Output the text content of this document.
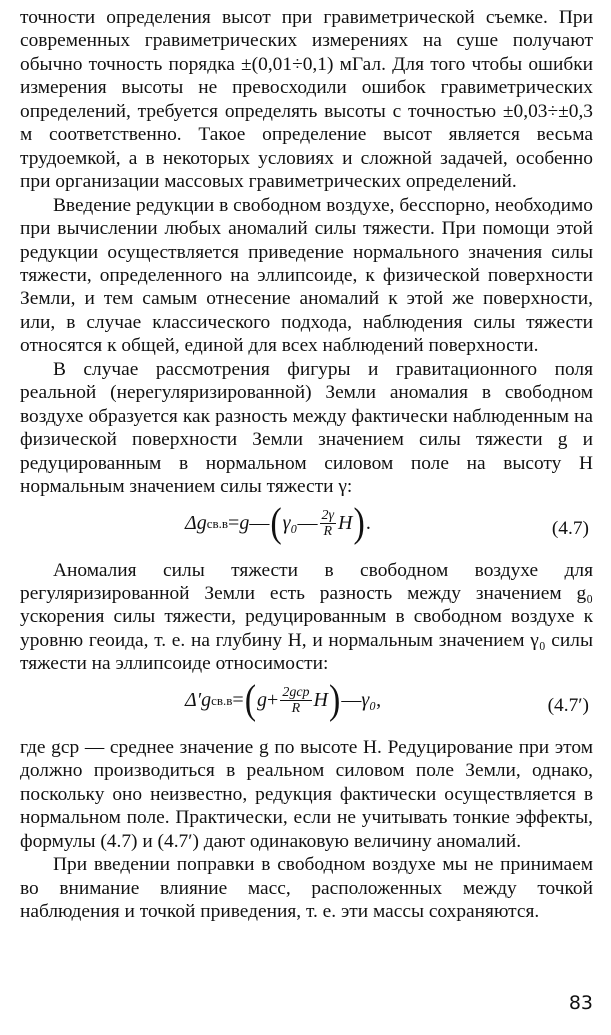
точности определения высот при гравиметрической съемке. При современных гравиметрических измерениях на суше получают обычно точность порядка ±(0,01÷0,1) мГал. Для того чтобы ошибки измерения высоты не превосходили ошибок гравиметрических определений, требуется определять высоты с точностью ±0,03÷±0,3 м соответственно. Такое определение высот является весьма трудоемкой, а в некоторых условиях и сложной задачей, особенно при организации массовых гравиметрических определений.

Введение редукции в свободном воздухе, бесспорно, необходимо при вычислении любых аномалий силы тяжести. При помощи этой редукции осуществляется приведение нормального значения силы тяжести, определенного на эллипсоиде, к физической поверхности Земли, и тем самым отнесение аномалий к этой же поверхности, или, в случае классического подхода, наблюдения силы тяжести относятся к общей, единой для всех наблюдений поверхности.

В случае рассмотрения фигуры и гравитационного поля реальной (нерегуляризированной) Земли аномалия в свободном воздухе образуется как разность между фактически наблюденным на физической поверхности Земли значением силы тяжести g и редуцированным в нормальном силовом поле на высоту H нормальным значением силы тяжести γ:

Δg св.в = g — ( γ₀ — $\frac{2\gamma}{R}$ H ) .	(4.7)

Аномалия силы тяжести в свободном воздухе для регуляризированной Земли есть разность между значением g₀ ускорения силы тяжести, редуцированным в свободном воздухе к уровню геоида, т. е. на глубину H, и нормальным значением γ₀ силы тяжести на эллипсоиде относимости:

Δ′g св.в = ( $g + \frac{\text{2gср}}{R}$ H ) — γ₀ ,	(4.7′)

где gср — среднее значение g по высоте H. Редуцирование при этом должно производиться в реальном силовом поле Земли, однако, поскольку оно неизвестно, редукция фактически осуществляется в нормальном поле. Практически, если не учитывать тонкие эффекты, формулы (4.7) и (4.7′) дают одинаковую величину аномалий.

При введении поправки в свободном воздухе мы не принимаем во внимание влияние масс, расположенных между точкой наблюдения и точкой приведения, т. е. эти массы сохраняются.

83
